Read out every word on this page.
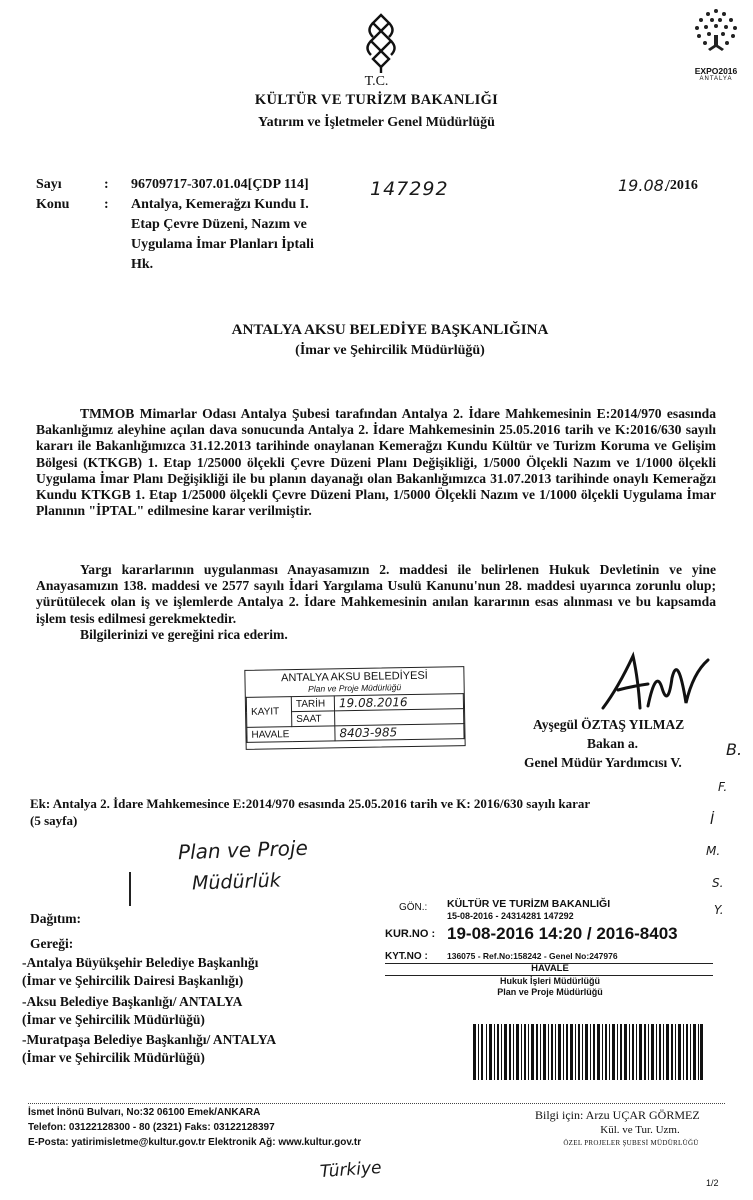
T.C.
KÜLTÜR VE TURİZM BAKANLIĞI
Yatırım ve İşletmeler Genel Müdürlüğü
EXPO2016
ANTALYA
Sayı	: 96709717-307.01.04[ÇDP 114]	147292	19.08.
/2016
Konu : Antalya, Kemerağzı Kundu I.
Etap Çevre Düzeni, Nazım ve
Uygulama İmar Planları İptali
Hk.
ANTALYA AKSU BELEDİYE BAŞKANLIĞINA
(İmar ve Şehircilik Müdürlüğü)
TMMOB Mimarlar Odası Antalya Şubesi tarafından Antalya 2. İdare Mahkemesinin E:2014/970 esasında Bakanlığımız aleyhine açılan dava sonucunda Antalya 2. İdare Mahkemesinin 25.05.2016 tarih ve K:2016/630 sayılı kararı ile Bakanlığımızca 31.12.2013 tarihinde onaylanan Kemerağzı Kundu Kültür ve Turizm Koruma ve Gelişim Bölgesi (KTKGB) 1. Etap 1/25000 ölçekli Çevre Düzeni Planı Değişikliği, 1/5000 Ölçekli Nazım ve 1/1000 ölçekli Uygulama İmar Planı Değişikliği ile bu planın dayanağı olan Bakanlığımızca 31.07.2013 tarihinde onaylı Kemerağzı Kundu KTKGB 1. Etap 1/25000 ölçekli Çevre Düzeni Planı, 1/5000 Ölçekli Nazım ve 1/1000 ölçekli Uygulama İmar Planının "İPTAL" edilmesine karar verilmiştir.
Yargı kararlarının uygulanması Anayasamızın 2. maddesi ile belirlenen Hukuk Devletinin ve yine Anayasamızın 138. maddesi ve 2577 sayılı İdari Yargılama Usulü Kanunu'nun 28. maddesi uyarınca zorunlu olup; yürütülecek olan iş ve işlemlerde Antalya 2. İdare Mahkemesinin anılan kararının esas alınması ve bu kapsamda işlem tesis edilmesi gerekmektedir.
Bilgilerinizi ve gereğini rica ederim.
ANTALYA AKSU BELEDİYESİ
Plan ve Proje Müdürlüğü
KAYIT	TARİH	19.08.2016
	SAAT	
HAVALE		8403-985
Ayşegül ÖZTAŞ YILMAZ
Bakan a.
Genel Müdür Yardımcısı V.
B.
F.
İ
M.
S.
Y.
Ek: Antalya 2. İdare Mahkemesince E:2014/970 esasında 25.05.2016 tarih ve K: 2016/630 sayılı karar
(5 sayfa)
Plan ve Proje
Müdürlük
Dağıtım:
Gereği:
-Antalya Büyükşehir Belediye Başkanlığı
(İmar ve Şehircilik Dairesi Başkanlığı)
-Aksu Belediye Başkanlığı/ ANTALYA
(İmar ve Şehircilik Müdürlüğü)
-Muratpaşa Belediye Başkanlığı/ ANTALYA
(İmar ve Şehircilik Müdürlüğü)
GÖN.: KÜLTÜR VE TURİZM BAKANLIĞI
15-08-2016 - 24314281 147292
KUR.NO : 19-08-2016 14:20 / 2016-8403
KYT.NO : 136075 - Ref.No:158242 - Genel No:247976
HAVALE
Hukuk İşleri Müdürlüğü
Plan ve Proje Müdürlüğü
İsmet İnönü Bulvarı, No:32 06100 Emek/ANKARA
Telefon: 03122128300 - 80 (2321) Faks: 03122128397
E-Posta: yatirimisletme@kultur.gov.tr Elektronik Ağ: www.kultur.gov.tr
Bilgi için: Arzu UÇAR GÖRMEZ
Kül. ve Tur. Uzm.
ÖZEL PROJELER ŞUBESİ MÜDÜRLÜĞÜ
Türkiye
1/2
